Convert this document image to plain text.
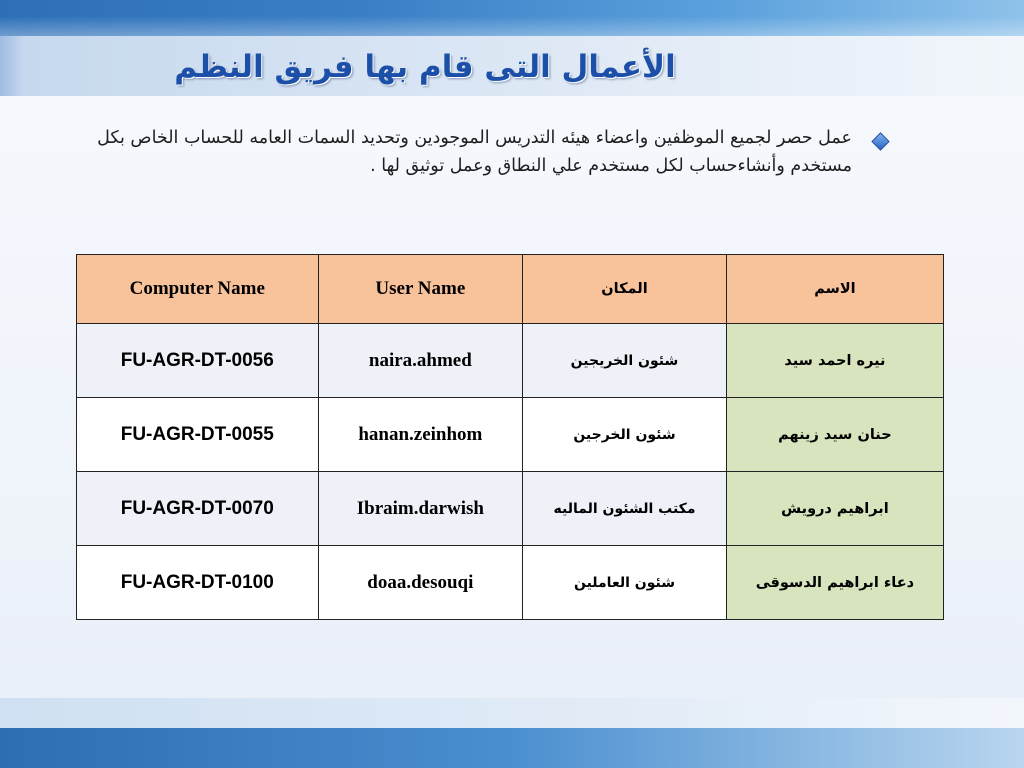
الأعمال التى قام بها فريق النظم
عمل حصر لجميع الموظفين واعضاء هيئه التدريس الموجودين وتحديد السمات العامه للحساب الخاص بكل مستخدم وأنشاءحساب لكل مستخدم علي النطاق وعمل توثيق لها .
الاسم	المكان	User Name	Computer Name
نيره احمد سيد	شئون الخريجين	naira.ahmed	FU-AGR-DT-0056
حنان سيد زينهم	شئون الخرجين	hanan.zeinhom	FU-AGR-DT-0055
ابراهيم درويش	مكتب الشئون الماليه	Ibraim.darwish	FU-AGR-DT-0070
دعاء ابراهيم الدسوقى	شئون العاملين	doaa.desouqi	FU-AGR-DT-0100
